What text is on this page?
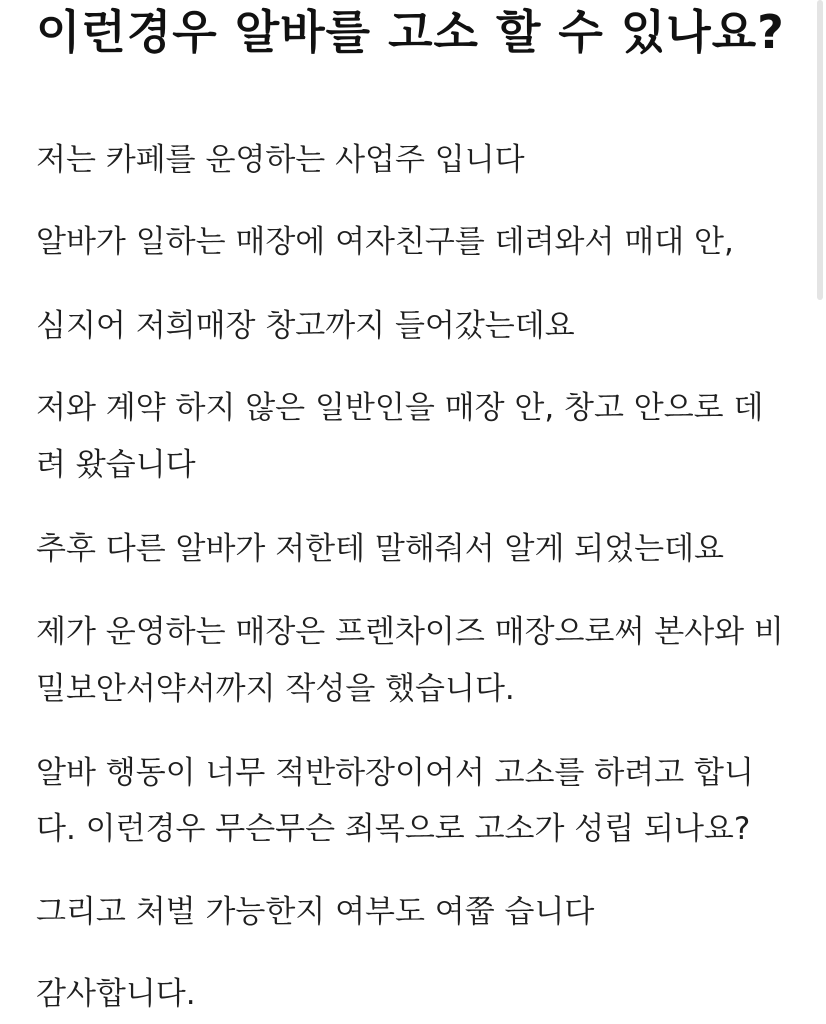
이런경우 알바를 고소 할 수 있나요?

저는 카페를 운영하는 사업주 입니다

알바가 일하는 매장에 여자친구를 데려와서 매대 안,

심지어 저희매장 창고까지 들어갔는데요

저와 계약 하지 않은 일반인을 매장 안, 창고 안으로 데

려 왔습니다

추후 다른 알바가 저한테 말해줘서 알게 되었는데요

제가 운영하는 매장은 프렌차이즈 매장으로써 본사와 비

밀보안서약서까지 작성을 했습니다.

알바 행동이 너무 적반하장이어서 고소를 하려고 합니

다. 이런경우 무슨무슨 죄목으로 고소가 성립 되나요?

그리고 처벌 가능한지 여부도 여쭙 습니다

감사합니다.
